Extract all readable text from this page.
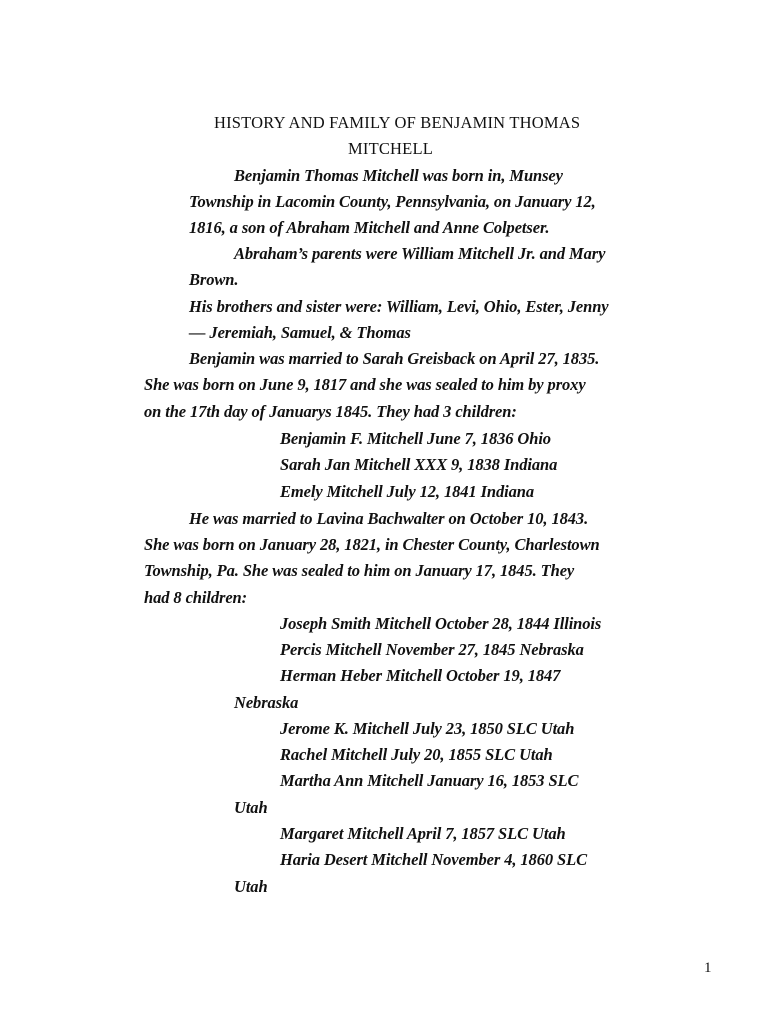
HISTORY AND FAMILY OF BENJAMIN THOMAS
MITCHELL
Benjamin Thomas Mitchell was born in, Munsey
Township in Lacomin County, Pennsylvania, on January 12,
1816, a son of Abraham Mitchell and Anne Colpetser.
Abraham’s parents were William Mitchell Jr. and Mary
Brown.
His brothers and sister were: William, Levi, Ohio, Ester, Jenny
— Jeremiah, Samuel, & Thomas
Benjamin was married to Sarah Greisback on April 27, 1835.
She was born on June 9, 1817 and she was sealed to him by proxy
on the 17th day of Januarys 1845. They had 3 children:
Benjamin F. Mitchell June 7, 1836 Ohio
Sarah Jan Mitchell XXX 9, 1838 Indiana
Emely Mitchell July 12, 1841 Indiana
He was married to Lavina Bachwalter on October 10, 1843.
She was born on January 28, 1821, in Chester County, Charlestown
Township, Pa. She was sealed to him on January 17, 1845. They
had 8 children:
Joseph Smith Mitchell October 28, 1844 Illinois
Percis Mitchell November 27, 1845 Nebraska
Herman Heber Mitchell October 19, 1847
Nebraska
Jerome K. Mitchell July 23, 1850 SLC Utah
Rachel Mitchell July 20, 1855 SLC Utah
Martha Ann Mitchell January 16, 1853 SLC
Utah
Margaret Mitchell April 7, 1857 SLC Utah
Haria Desert Mitchell November 4, 1860 SLC
Utah
1
